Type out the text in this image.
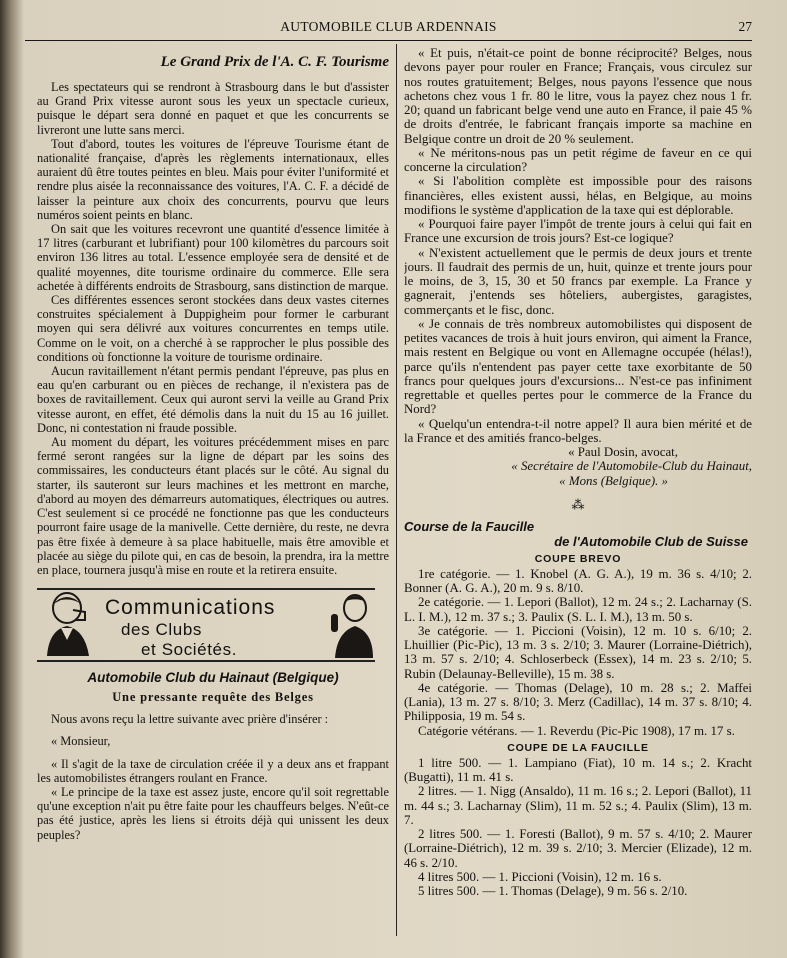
AUTOMOBILE CLUB ARDENNAIS	27
Le Grand Prix de l'A. C. F. Tourisme

Les spectateurs qui se rendront à Strasbourg dans le but d'assister au Grand Prix vitesse auront sous les yeux un spectacle curieux, puisque le départ sera donné en paquet et que les concurrents se livreront une lutte sans merci.

Tout d'abord, toutes les voitures de l'épreuve Tourisme étant de nationalité française, d'après les règlements internationaux, elles auraient dû être toutes peintes en bleu. Mais pour éviter l'uniformité et rendre plus aisée la reconnaissance des voitures, l'A. C. F. a décidé de laisser la peinture aux choix des concurrents, pourvu que leurs numéros soient peints en blanc.

On sait que les voitures recevront une quantité d'essence limitée à 17 litres (carburant et lubrifiant) pour 100 kilomètres du parcours soit environ 136 litres au total. L'essence employée sera de densité et de qualité moyennes, dite tourisme ordinaire du commerce. Elle sera achetée à différents endroits de Strasbourg, sans distinction de marque.

Ces différentes essences seront stockées dans deux vastes citernes construites spécialement à Duppigheim pour former le carburant moyen qui sera délivré aux voitures concurrentes en temps utile. Comme on le voit, on a cherché à se rapprocher le plus possible des conditions où fonctionne la voiture de tourisme ordinaire.

Aucun ravitaillement n'étant permis pendant l'épreuve, pas plus en eau qu'en carburant ou en pièces de rechange, il n'existera pas de boxes de ravitaillement. Ceux qui auront servi la veille au Grand Prix vitesse auront, en effet, été démolis dans la nuit du 15 au 16 juillet. Donc, ni contestation ni fraude possible.

Au moment du départ, les voitures précédemment mises en parc fermé seront rangées sur la ligne de départ par les soins des commissaires, les conducteurs étant placés sur le côté. Au signal du starter, ils sauteront sur leurs machines et les mettront en marche, d'abord au moyen des démarreurs automatiques, électriques ou autres. C'est seulement si ce procédé ne fonctionne pas que les conducteurs pourront faire usage de la manivelle. Cette dernière, du reste, ne devra pas être fixée à demeure à sa place habituelle, mais être amovible et placée au siège du pilote qui, en cas de besoin, la prendra, ira la mettre en place, tournera jusqu'à mise en route et la retirera ensuite.

Communications
des Clubs
et Sociétés.
Automobile Club du Hainaut (Belgique)
Une pressante requête des Belges

Nous avons reçu la lettre suivante avec prière d'insérer :

« Monsieur,

« Il s'agit de la taxe de circulation créée il y a deux ans et frappant les automobilistes étrangers roulant en France.

« Le principe de la taxe est assez juste, encore qu'il soit regrettable qu'une exception n'ait pu être faite pour les chauffeurs belges. N'eût-ce pas été justice, après les liens si étroits déjà qui unissent les deux peuples?

« Et puis, n'était-ce point de bonne réciprocité? Belges, nous devons payer pour rouler en France; Français, vous circulez sur nos routes gratuitement; Belges, nous payons l'essence que nous achetons chez vous 1 fr. 80 le litre, vous la payez chez nous 1 fr. 20; quand un fabricant belge vend une auto en France, il paie 45 % de droits d'entrée, le fabricant français importe sa machine en Belgique contre un droit de 20 % seulement.

« Ne méritons-nous pas un petit régime de faveur en ce qui concerne la circulation?

« Si l'abolition complète est impossible pour des raisons financières, elles existent aussi, hélas, en Belgique, au moins modifions le système d'application de la taxe qui est déplorable.

« Pourquoi faire payer l'impôt de trente jours à celui qui fait en France une excursion de trois jours? Est-ce logique?

« N'existent actuellement que le permis de deux jours et trente jours. Il faudrait des permis de un, huit, quinze et trente jours pour le moins, de 3, 15, 30 et 50 francs par exemple. La France y gagnerait, j'entends ses hôteliers, aubergistes, garagistes, commerçants et le fisc, donc.

« Je connais de très nombreux automobilistes qui disposent de petites vacances de trois à huit jours environ, qui aiment la France, mais restent en Belgique ou vont en Allemagne occupée (hélas!), parce qu'ils n'entendent pas payer cette taxe exorbitante de 50 francs pour quelques jours d'excursions... N'est-ce pas infiniment regrettable et quelles pertes pour le commerce de la France du Nord?

« Quelqu'un entendra-t-il notre appel? Il aura bien mérité et de la France et des amitiés franco-belges.

« Paul Dosin, avocat,

« Secrétaire de l'Automobile-Club du Hainaut,

« Mons (Belgique). »

⁂
Course de la Faucille
de l'Automobile Club de Suisse
COUPE BREVO

1re catégorie. — 1. Knobel (A. G. A.), 19 m. 36 s. 4/10; 2. Bonner (A. G. A.), 20 m. 9 s. 8/10.

2e catégorie. — 1. Lepori (Ballot), 12 m. 24 s.; 2. Lacharnay (S. L. I. M.), 12 m. 37 s.; 3. Paulix (S. L. I. M.), 13 m. 50 s.

3e catégorie. — 1. Piccioni (Voisin), 12 m. 10 s. 6/10; 2. Lhuillier (Pic-Pic), 13 m. 3 s. 2/10; 3. Maurer (Lorraine-Diétrich), 13 m. 57 s. 2/10; 4. Schloserbeck (Essex), 14 m. 23 s. 2/10; 5. Rubin (Delaunay-Belleville), 15 m. 38 s.

4e catégorie. — Thomas (Delage), 10 m. 28 s.; 2. Maffei (Lania), 13 m. 27 s. 8/10; 3. Merz (Cadillac), 14 m. 37 s. 8/10; 4. Philipposia, 19 m. 54 s.

Catégorie vétérans. — 1. Reverdu (Pic-Pic 1908), 17 m. 17 s.

COUPE DE LA FAUCILLE

1 litre 500. — 1. Lampiano (Fiat), 10 m. 14 s.; 2. Kracht (Bugatti), 11 m. 41 s.

2 litres. — 1. Nigg (Ansaldo), 11 m. 16 s.; 2. Lepori (Ballot), 11 m. 44 s.; 3. Lacharnay (Slim), 11 m. 52 s.; 4. Paulix (Slim), 13 m. 7.

2 litres 500. — 1. Foresti (Ballot), 9 m. 57 s. 4/10; 2. Maurer (Lorraine-Diétrich), 12 m. 39 s. 2/10; 3. Mercier (Elizade), 12 m. 46 s. 2/10.

4 litres 500. — 1. Piccioni (Voisin), 12 m. 16 s.

5 litres 500. — 1. Thomas (Delage), 9 m. 56 s. 2/10.
